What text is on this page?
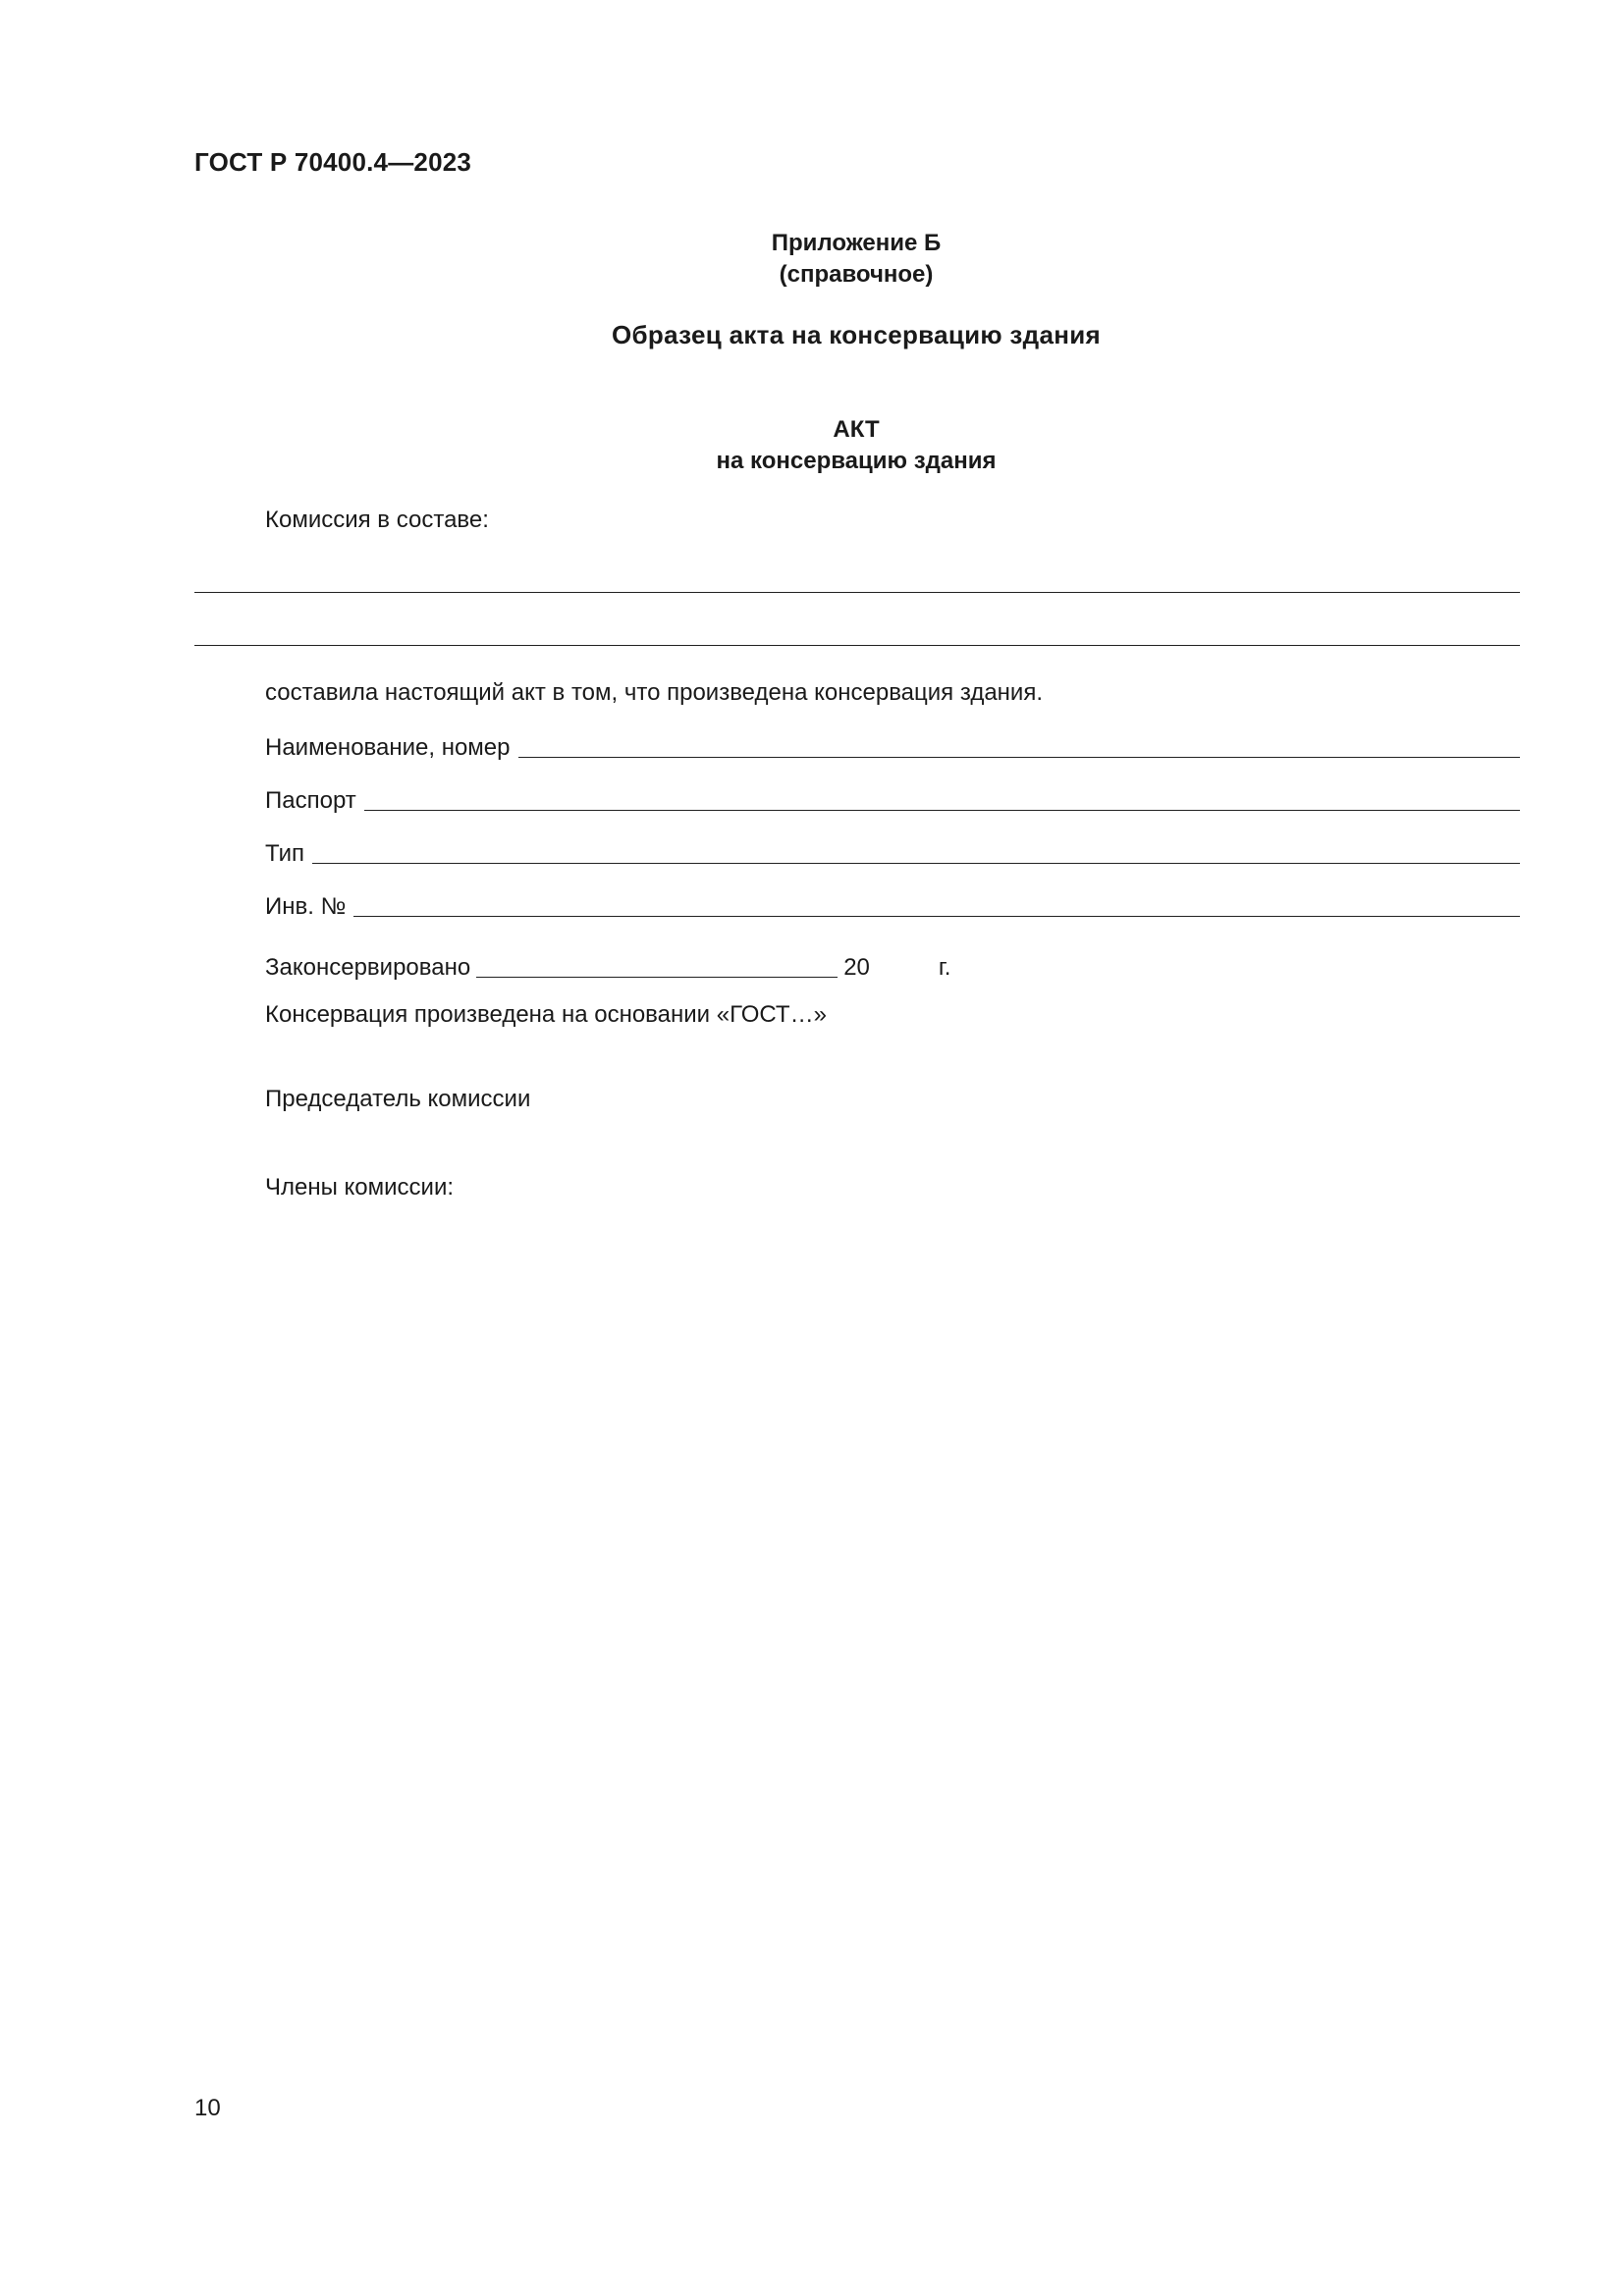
ГОСТ Р 70400.4—2023
Приложение Б
(справочное)
Образец акта на консервацию здания
АКТ
на консервацию здания
Комиссия в составе:
составила настоящий акт в том, что произведена консервация здания.
Наименование, номер
Паспорт
Тип
Инв. №
Законсервировано	20	г.
Консервация произведена на основании «ГОСТ…»
Председатель комиссии
Члены комиссии:
10
